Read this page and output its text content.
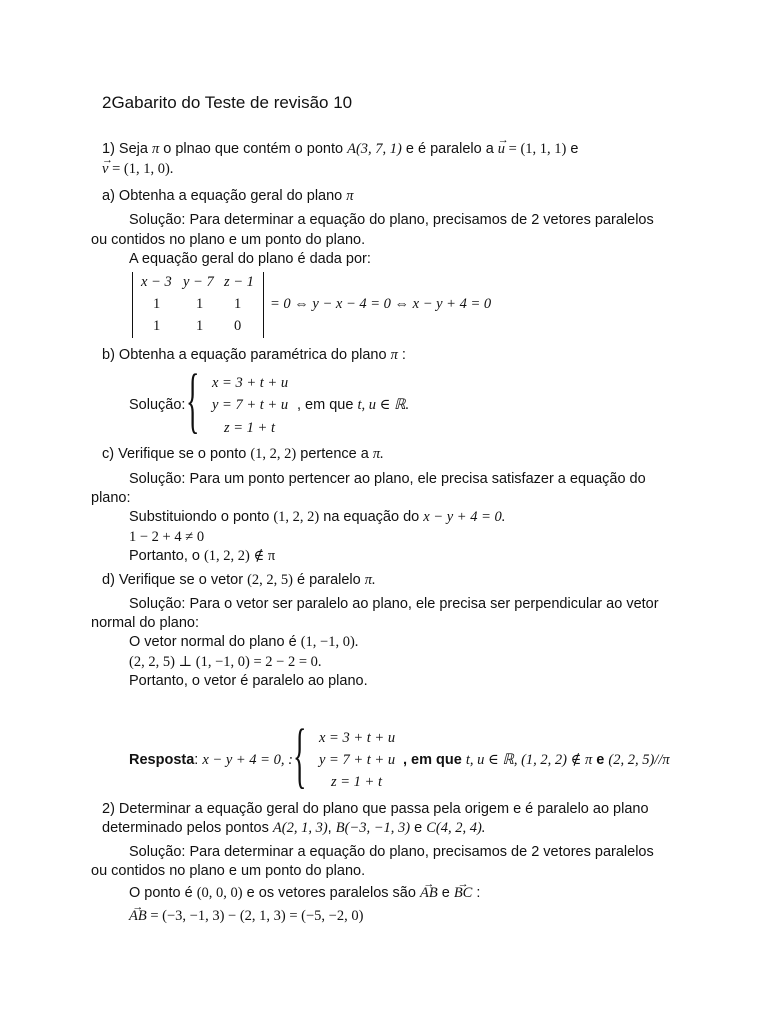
2Gabarito do Teste de revisão 10
1) Seja π o plnao que contém o ponto A(3, 7, 1) e é paralelo a → u = (1, 1, 1) e
→ v = (1, 1, 0).
a) Obtenha a equação geral do plano π
Solução: Para determinar a equação do plano, precisamos de 2 vetores paralelos
ou contidos no plano e um ponto do plano.
A equação geral do plano é dada por:
x − 3 y − 7 z − 1
1 1 1
1 1 0
= 0 ⇔ y − x − 4 = 0 ⇔ x − y + 4 = 0
b) Obtenha a equação paramétrica do plano π :
Solução: { x = 3 + t + u
y = 7 + t + u
z = 1 + t
, em que t, u ∈ ℝ.
c) Verifique se o ponto (1, 2, 2) pertence a π.
Solução: Para um ponto pertencer ao plano, ele precisa satisfazer a equação do
plano:
Substituiondo o ponto (1, 2, 2) na equação do x − y + 4 = 0.
1 − 2 + 4 ≠ 0
Portanto, o (1, 2, 2) ∉ π
d) Verifique se o vetor (2, 2, 5) é paralelo π.
Solução: Para o vetor ser paralelo ao plano, ele precisa ser perpendicular ao vetor
normal do plano:
O vetor normal do plano é (1, −1, 0).
(2, 2, 5) ⊥ (1, −1, 0) = 2 − 2 = 0.
Portanto, o vetor é paralelo ao plano.
Resposta: x − y + 4 = 0, : { x = 3 + t + u
y = 7 + t + u
z = 1 + t
, em que t, u ∈ ℝ, (1, 2, 2) ∉ π e (2, 2, 5)//π
2) Determinar a equação geral do plano que passa pela origem e é paralelo ao plano
determinado pelos pontos A(2, 1, 3), B(−3, −1, 3) e C(4, 2, 4).
Solução: Para determinar a equação do plano, precisamos de 2 vetores paralelos
ou contidos no plano e um ponto do plano.
O ponto é (0, 0, 0) e os vetores paralelos são → AB e → BC :
→ AB = (−3, −1, 3) − (2, 1, 3) = (−5, −2, 0)
